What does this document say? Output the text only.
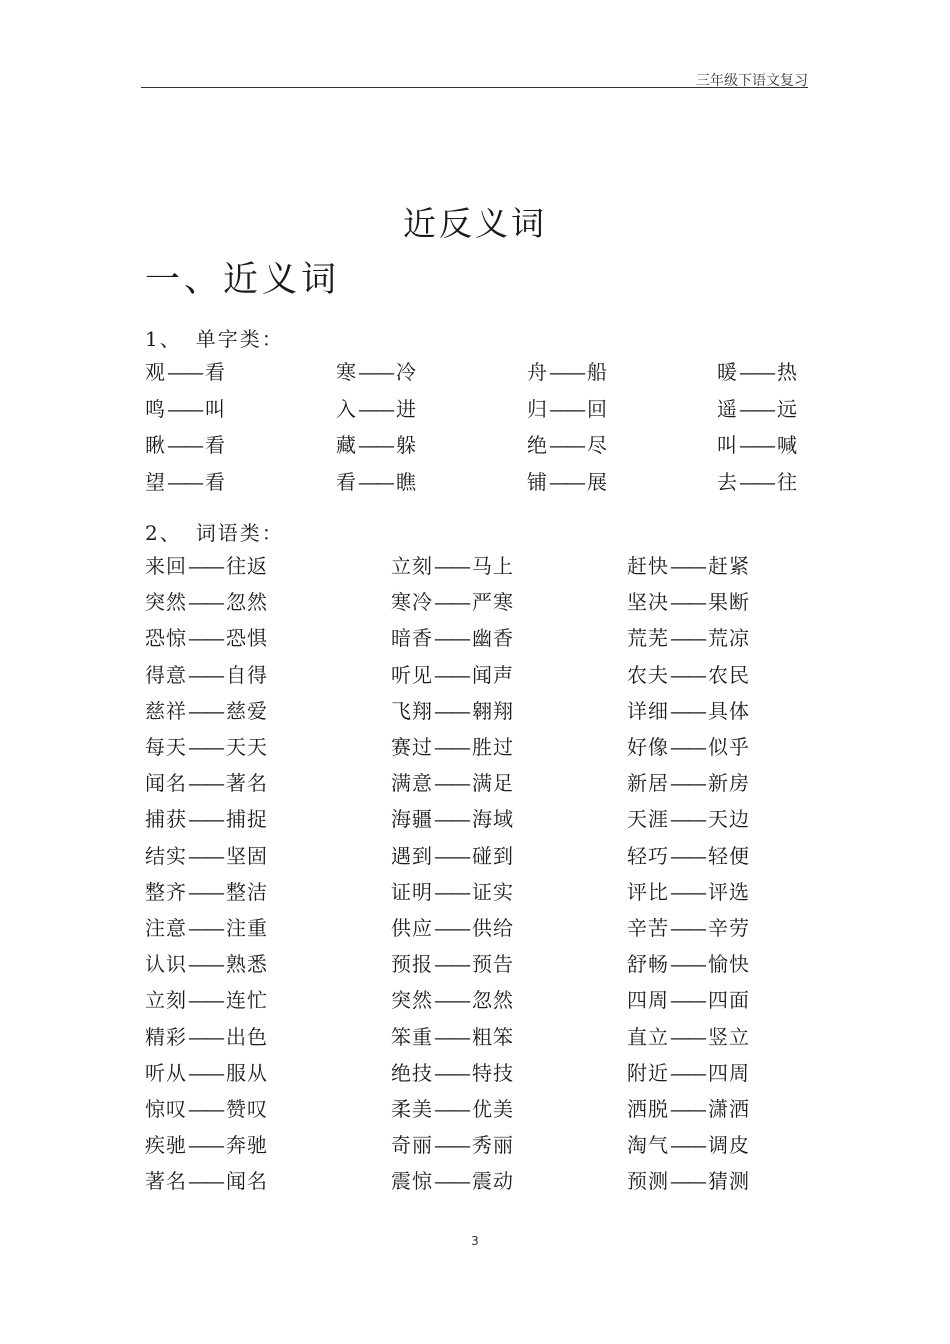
三年级下语文复习
近反义词
一、近义词
1、 单字类：
观—— 看	寒—— 冷	舟—— 船	暖—— 热
鸣—— 叫	入—— 进	归—— 回	遥—— 远
瞅—— 看	藏—— 躲	绝—— 尽	叫—— 喊
望—— 看	看—— 瞧	铺—— 展	去—— 往
2、 词语类：
来回—— 往返	立刻—— 马上	赶快—— 赶紧
突然—— 忽然	寒冷—— 严寒	坚决—— 果断
恐惊—— 恐惧	暗香—— 幽香	荒芜—— 荒凉
得意—— 自得	听见—— 闻声	农夫—— 农民
慈祥—— 慈爱	飞翔—— 翱翔	详细—— 具体
每天—— 天天	赛过—— 胜过	好像—— 似乎
闻名—— 著名	满意—— 满足	新居—— 新房
捕获—— 捕捉	海疆—— 海域	天涯—— 天边
结实—— 坚固	遇到—— 碰到	轻巧—— 轻便
整齐—— 整洁	证明—— 证实	评比—— 评选
注意—— 注重	供应—— 供给	辛苦—— 辛劳
认识—— 熟悉	预报—— 预告	舒畅—— 愉快
立刻—— 连忙	突然—— 忽然	四周—— 四面
精彩—— 出色	笨重—— 粗笨	直立—— 竖立
听从—— 服从	绝技—— 特技	附近—— 四周
惊叹—— 赞叹	柔美—— 优美	洒脱—— 潇洒
疾驰—— 奔驰	奇丽—— 秀丽	淘气—— 调皮
著名—— 闻名	震惊—— 震动	预测—— 猜测
3
